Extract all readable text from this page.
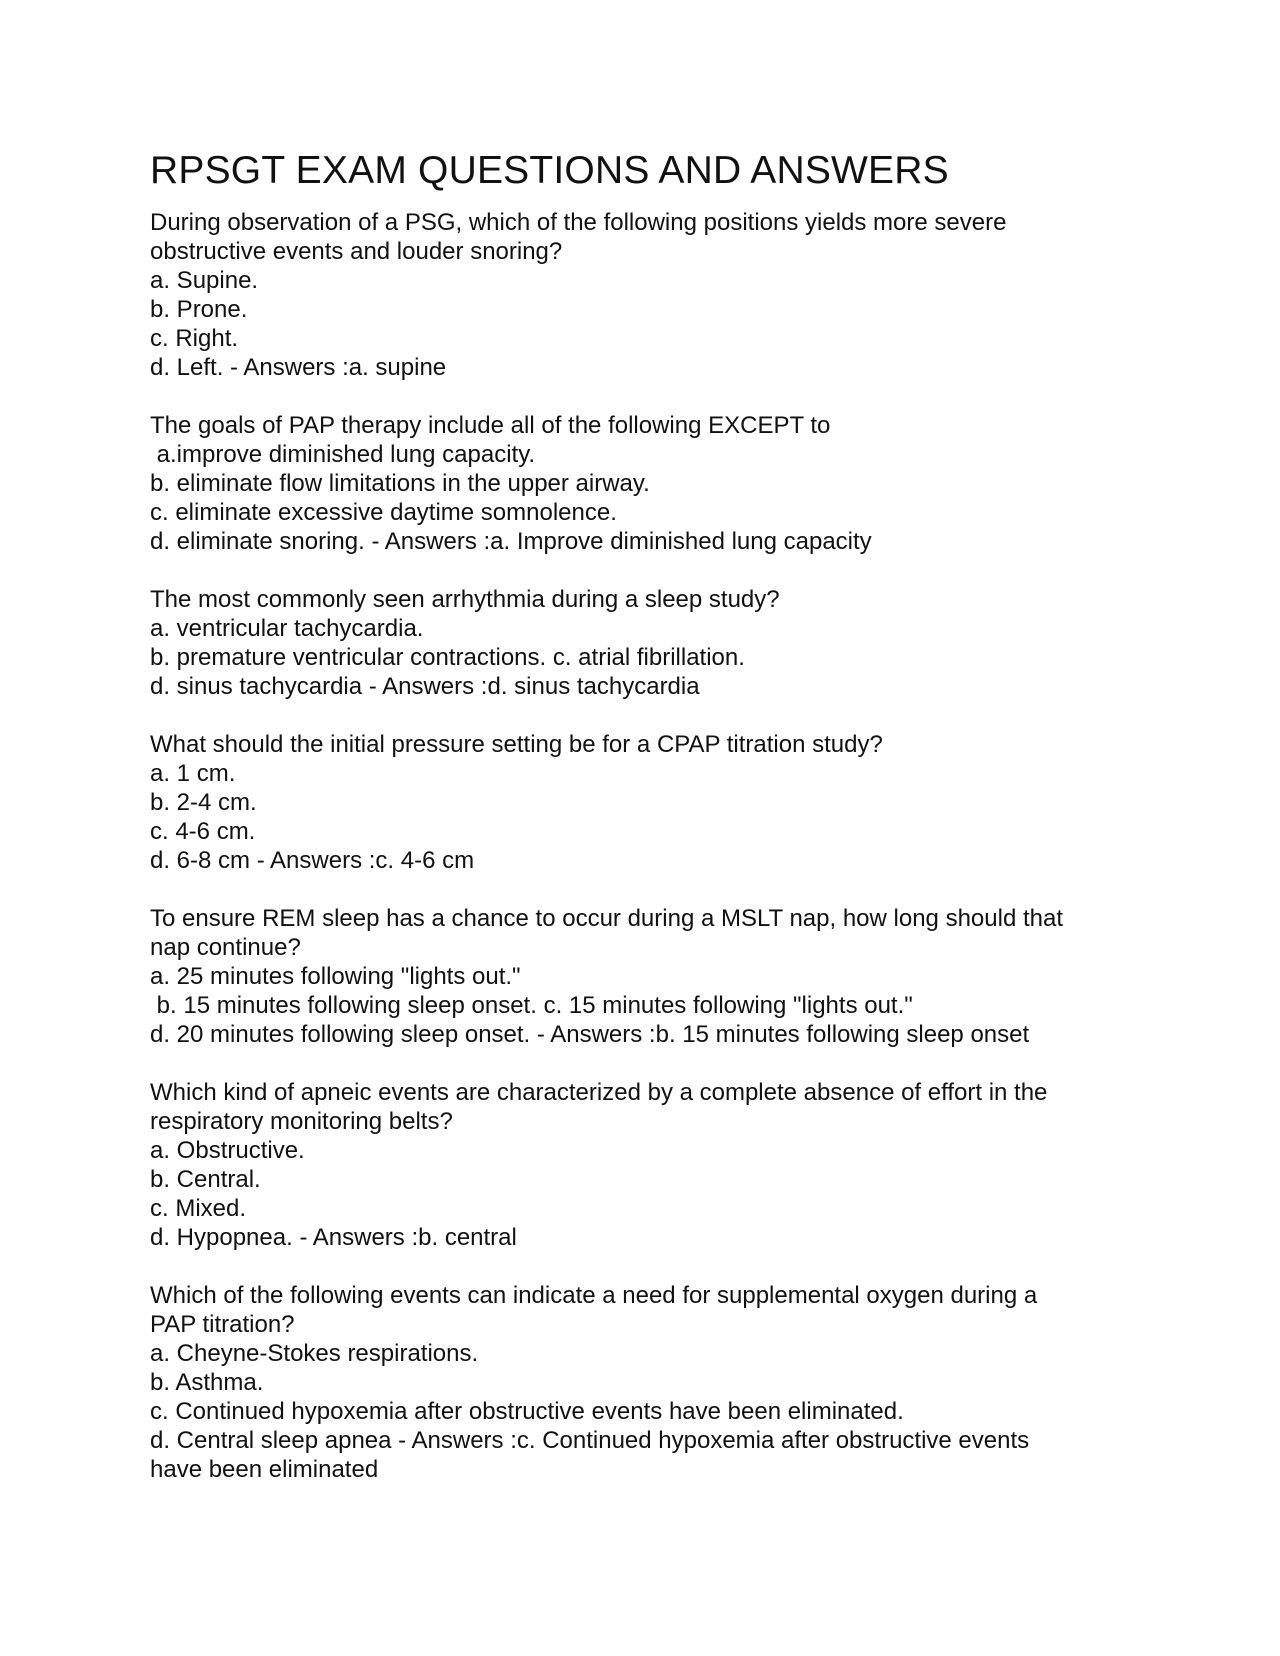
RPSGT EXAM QUESTIONS AND ANSWERS

During observation of a PSG, which of the following positions yields more severe

obstructive events and louder snoring?

a. Supine.

b. Prone.

c. Right.

d. Left. - Answers :a. supine

The goals of PAP therapy include all of the following EXCEPT to

a.improve diminished lung capacity.

b. eliminate flow limitations in the upper airway.

c. eliminate excessive daytime somnolence.

d. eliminate snoring. - Answers :a. Improve diminished lung capacity

The most commonly seen arrhythmia during a sleep study?

a. ventricular tachycardia.

b. premature ventricular contractions. c. atrial fibrillation.

d. sinus tachycardia - Answers :d. sinus tachycardia

What should the initial pressure setting be for a CPAP titration study?

a. 1 cm.

b. 2-4 cm.

c. 4-6 cm.

d. 6-8 cm - Answers :c. 4-6 cm

To ensure REM sleep has a chance to occur during a MSLT nap, how long should that

nap continue?

a. 25 minutes following "lights out."

b. 15 minutes following sleep onset. c. 15 minutes following "lights out."

d. 20 minutes following sleep onset. - Answers :b. 15 minutes following sleep onset

Which kind of apneic events are characterized by a complete absence of effort in the

respiratory monitoring belts?

a. Obstructive.

b. Central.

c. Mixed.

d. Hypopnea. - Answers :b. central

Which of the following events can indicate a need for supplemental oxygen during a

PAP titration?

a. Cheyne-Stokes respirations.

b. Asthma.

c. Continued hypoxemia after obstructive events have been eliminated.

d. Central sleep apnea - Answers :c. Continued hypoxemia after obstructive events

have been eliminated
